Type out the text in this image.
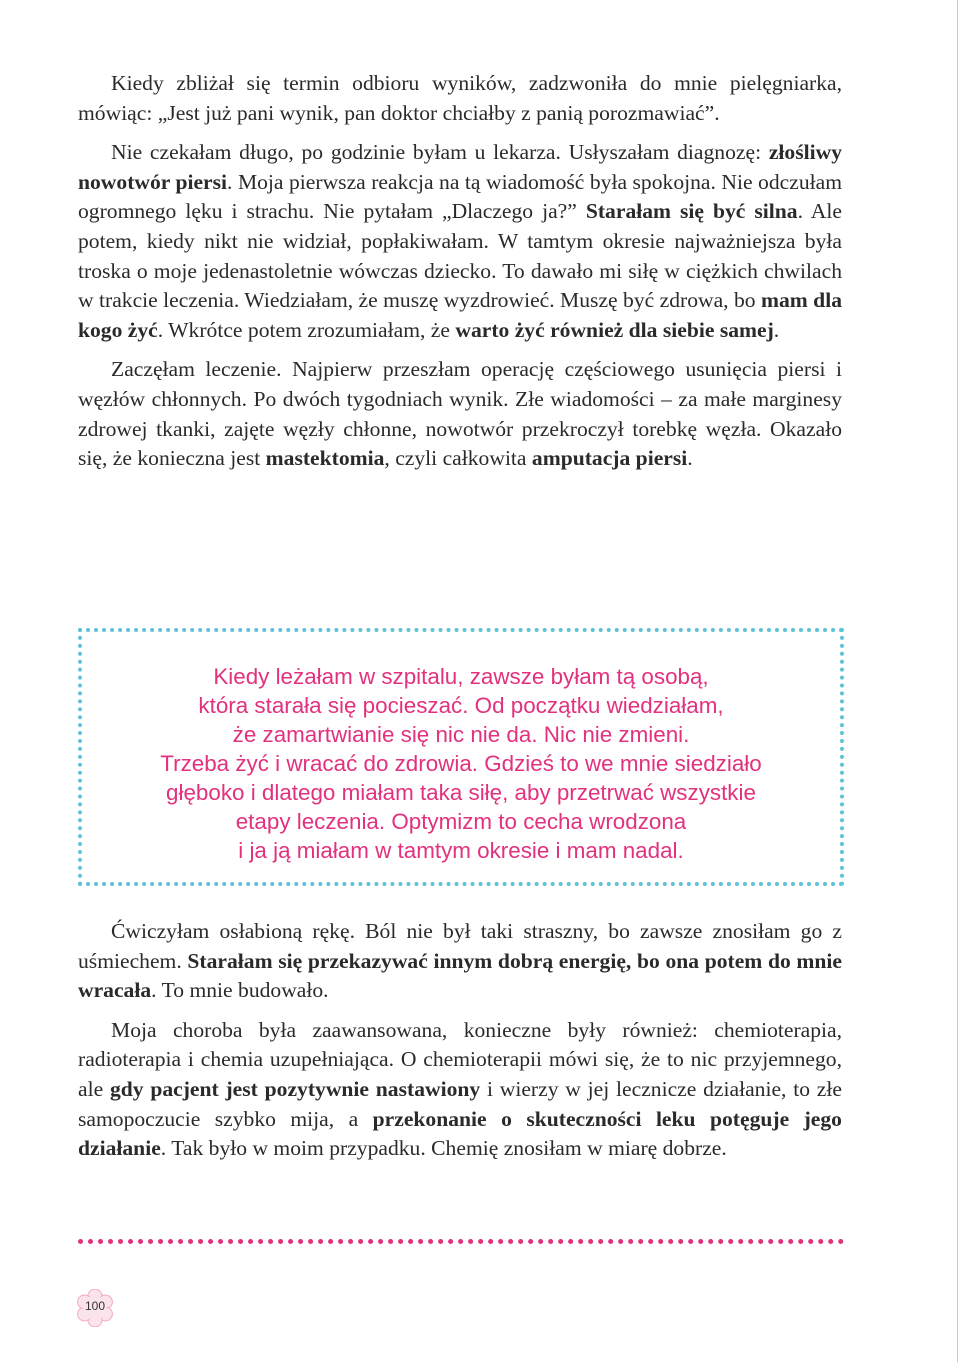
Kiedy zbliżał się termin odbioru wyników, zadzwoniła do mnie pielęgniarka, mówiąc: „Jest już pani wynik, pan doktor chciałby z panią porozmawiać”.

Nie czekałam długo, po godzinie byłam u lekarza. Usłyszałam diagnozę: złośliwy nowotwór piersi. Moja pierwsza reakcja na tą wiadomość była spokojna. Nie odczułam ogromnego lęku i strachu. Nie pytałam „Dlaczego ja?” Starałam się być silna. Ale potem, kiedy nikt nie widział, popłakiwałam. W tamtym okresie najważniejsza była troska o moje jedenastoletnie wówczas dziecko. To dawało mi siłę w ciężkich chwilach w trakcie leczenia. Wiedziałam, że muszę wyzdrowieć. Muszę być zdrowa, bo mam dla kogo żyć. Wkrótce potem zrozumiałam, że warto żyć również dla siebie samej.

Zaczęłam leczenie. Najpierw przeszłam operację częściowego usunięcia piersi i węzłów chłonnych. Po dwóch tygodniach wynik. Złe wiadomości – za małe marginesy zdrowej tkanki, zajęte węzły chłonne, nowotwór przekroczył torebkę węzła. Okazało się, że konieczna jest mastektomia, czyli całkowita amputacja piersi.

Kiedy leżałam w szpitalu, zawsze byłam tą osobą,
która starała się pocieszać. Od początku wiedziałam,
że zamartwianie się nic nie da. Nic nie zmieni.
Trzeba żyć i wracać do zdrowia. Gdzieś to we mnie siedziało
głęboko i dlatego miałam taka siłę, aby przetrwać wszystkie
etapy leczenia. Optymizm to cecha wrodzona
i ja ją miałam w tamtym okresie i mam nadal.

Ćwiczyłam osłabioną rękę. Ból nie był taki straszny, bo zawsze znosiłam go z uśmiechem. Starałam się przekazywać innym dobrą energię, bo ona potem do mnie wracała. To mnie budowało.

Moja choroba była zaawansowana, konieczne były również: chemioterapia, radioterapia i chemia uzupełniająca. O chemioterapii mówi się, że to nic przyjemnego, ale gdy pacjent jest pozytywnie nastawiony i wierzy w jej lecznicze działanie, to złe samopoczucie szybko mija, a przekonanie o skuteczności leku potęguje jego działanie. Tak było w moim przypadku. Chemię znosiłam w miarę dobrze.

100
